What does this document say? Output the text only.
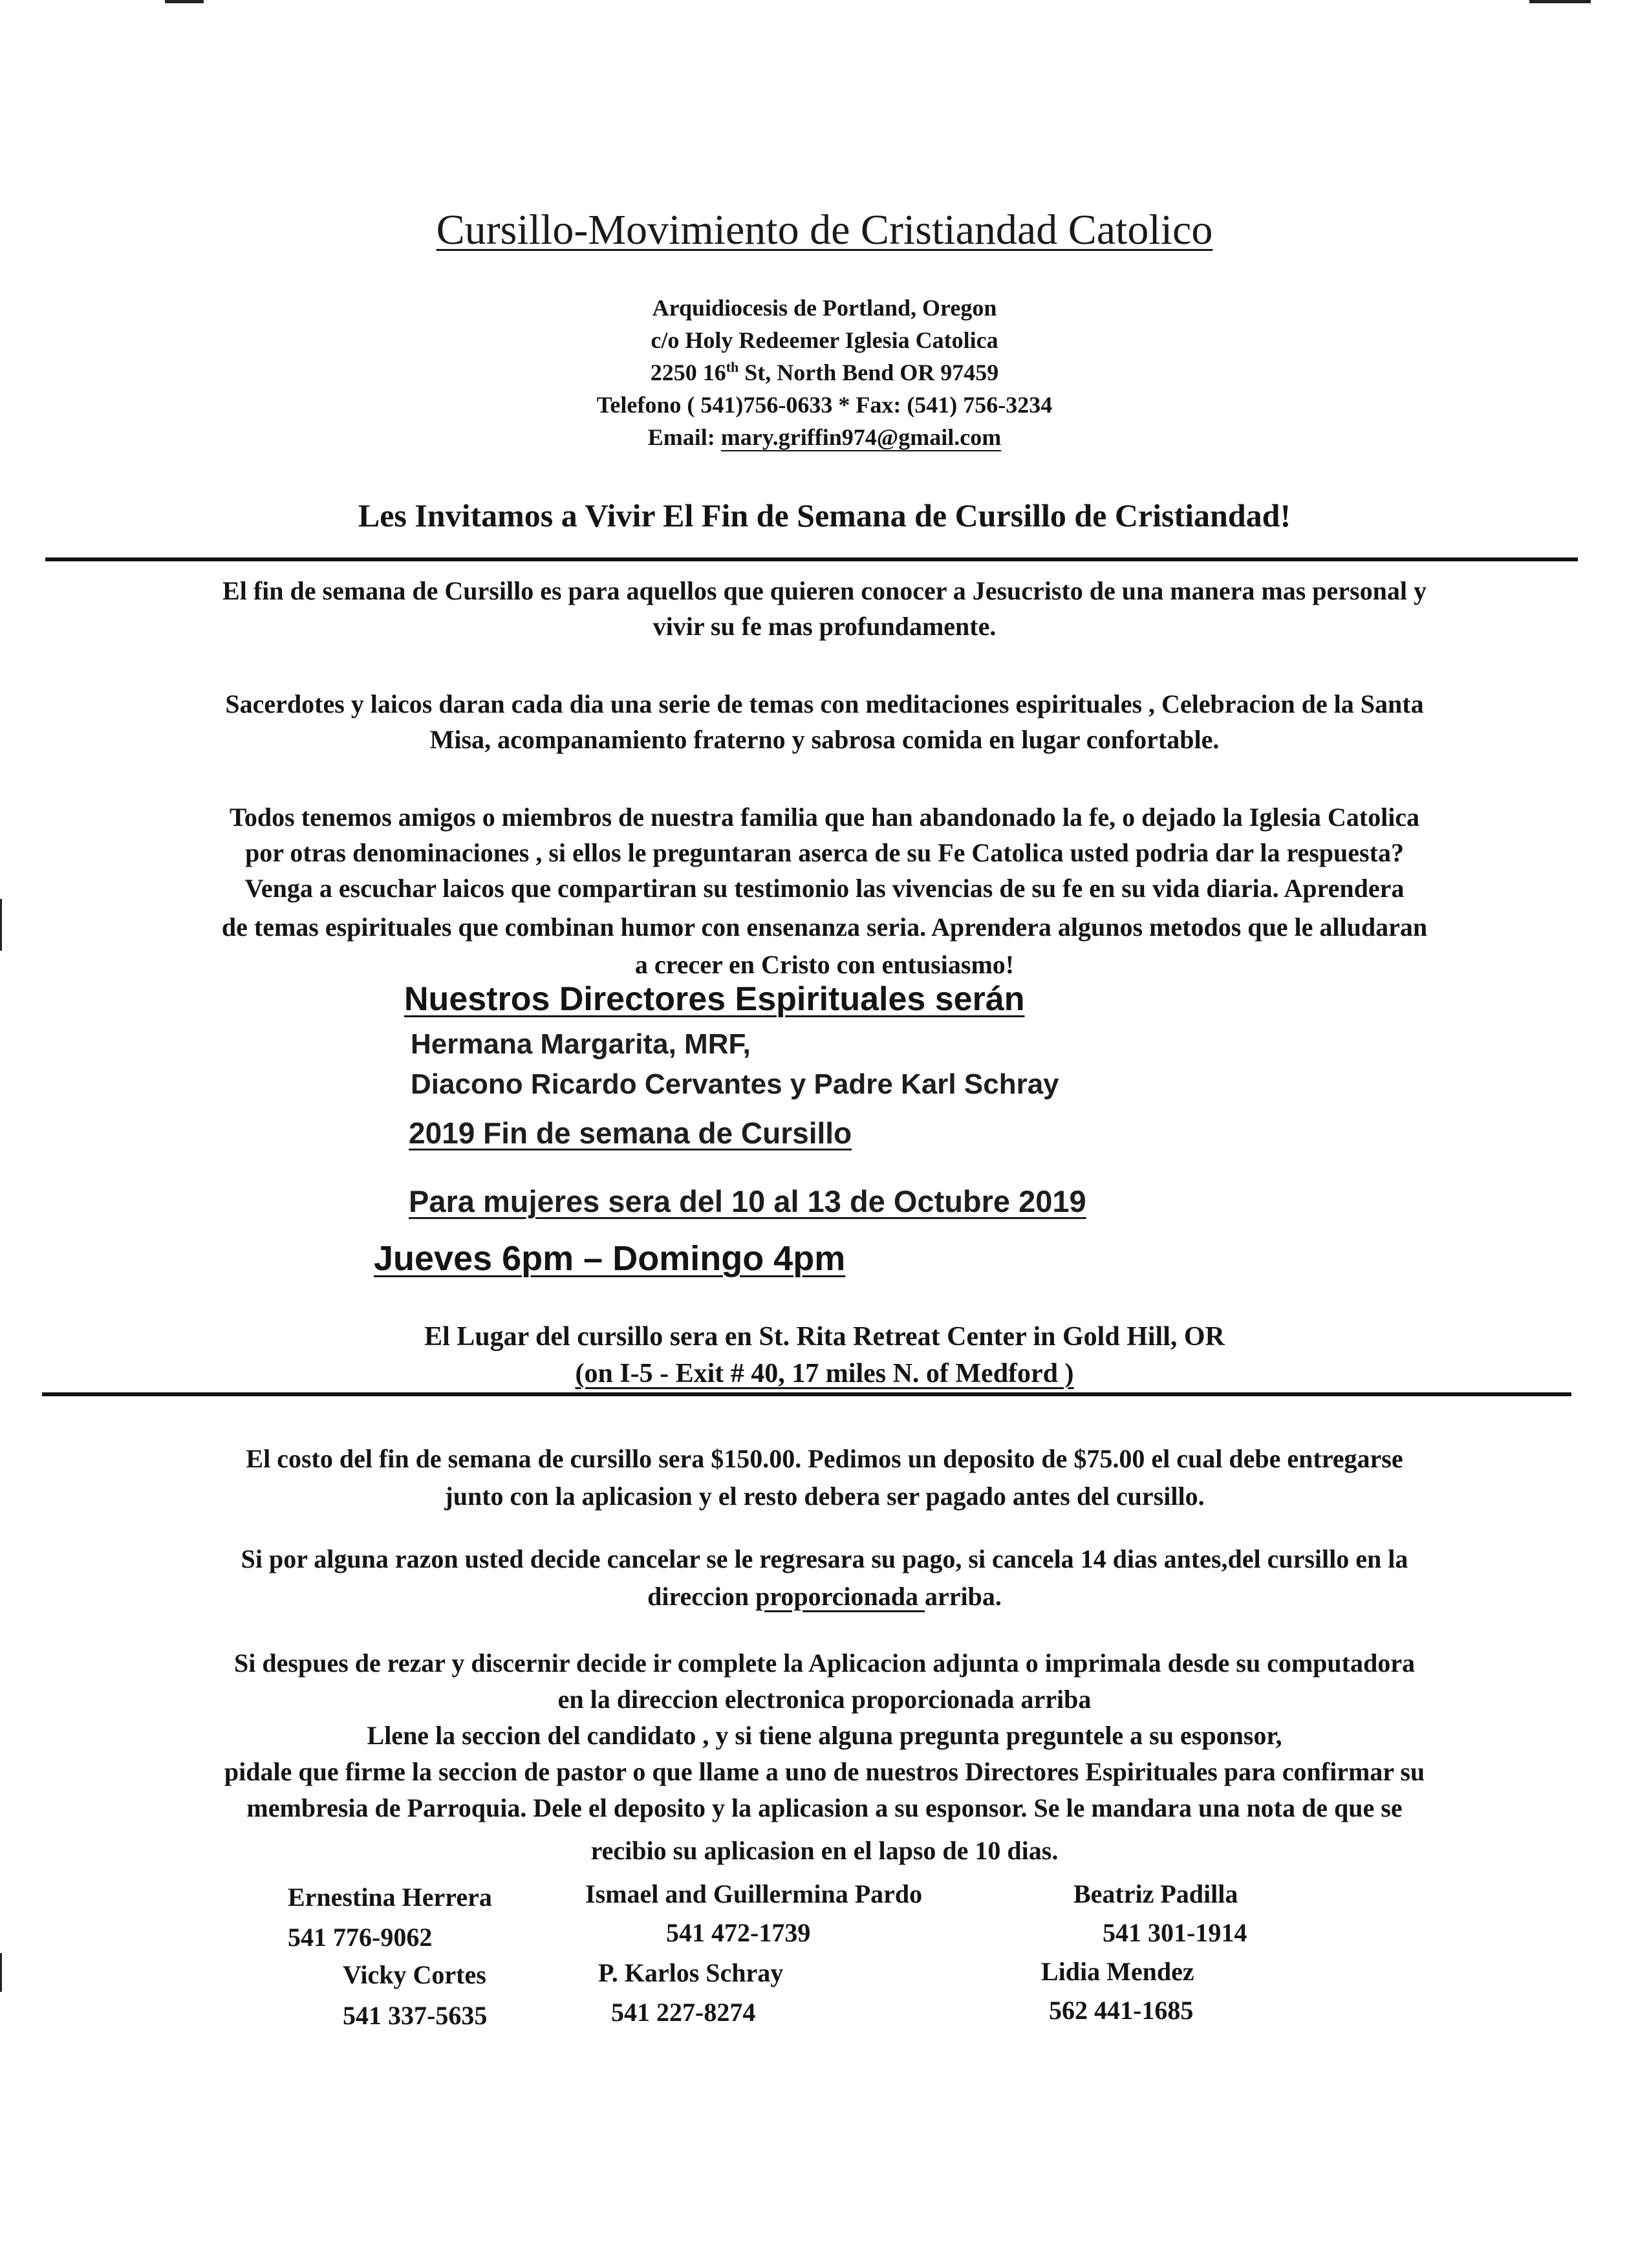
Cursillo-Movimiento de Cristiandad Catolico
Arquidiocesis de Portland, Oregon
c/o Holy Redeemer Iglesia Catolica
2250 16th St, North Bend OR 97459
Telefono ( 541)756-0633 * Fax: (541) 756-3234
Email: mary.griffin974@gmail.com
Les Invitamos a Vivir El Fin de Semana de Cursillo de Cristiandad!
El fin de semana de Cursillo es para aquellos que quieren conocer a Jesucristo de una manera mas personal y
vivir su fe mas profundamente.
Sacerdotes y laicos daran cada dia una serie de temas con meditaciones espirituales , Celebracion de la Santa
Misa, acompanamiento fraterno y sabrosa comida en lugar confortable.
Todos tenemos amigos o miembros de nuestra familia que han abandonado la fe, o dejado la Iglesia Catolica
por otras denominaciones , si ellos le preguntaran aserca de su Fe Catolica usted podria dar la respuesta?
Venga a escuchar laicos que compartiran su testimonio las vivencias de su fe en su vida diaria. Aprendera
de temas espirituales que combinan humor con ensenanza seria. Aprendera algunos metodos que le alludaran
a crecer en Cristo con entusiasmo!
Nuestros Directores Espirituales serán
Hermana Margarita, MRF,
Diacono Ricardo Cervantes y Padre Karl Schray
2019 Fin de semana de Cursillo
Para mujeres sera del 10 al 13 de Octubre 2019
Jueves 6pm – Domingo 4pm
El Lugar del cursillo sera en St. Rita Retreat Center in Gold Hill, OR
(on I-5 - Exit # 40, 17 miles N. of Medford )
El costo del fin de semana de cursillo sera $150.00. Pedimos un deposito de $75.00 el cual debe entregarse
junto con la aplicasion y el resto debera ser pagado antes del cursillo.
Si por alguna razon usted decide cancelar se le regresara su pago, si cancela 14 dias antes,del cursillo en la
direccion proporcionada arriba.
Si despues de rezar y discernir decide ir complete la Aplicacion adjunta o imprimala desde su computadora
en la direccion electronica proporcionada arriba
Llene la seccion del candidato , y si tiene alguna pregunta preguntele a su esponsor,
pidale que firme la seccion de pastor o que llame a uno de nuestros Directores Espirituales para confirmar su
membresia de Parroquia. Dele el deposito y la aplicasion a su esponsor. Se le mandara una nota de que se
recibio su aplicasion en el lapso de 10 dias.
Ernestina Herrera
541 776-9062
Ismael and Guillermina Pardo
541 472-1739
Beatriz Padilla
541 301-1914
Vicky Cortes
541 337-5635
P. Karlos Schray
541 227-8274
Lidia Mendez
562 441-1685
